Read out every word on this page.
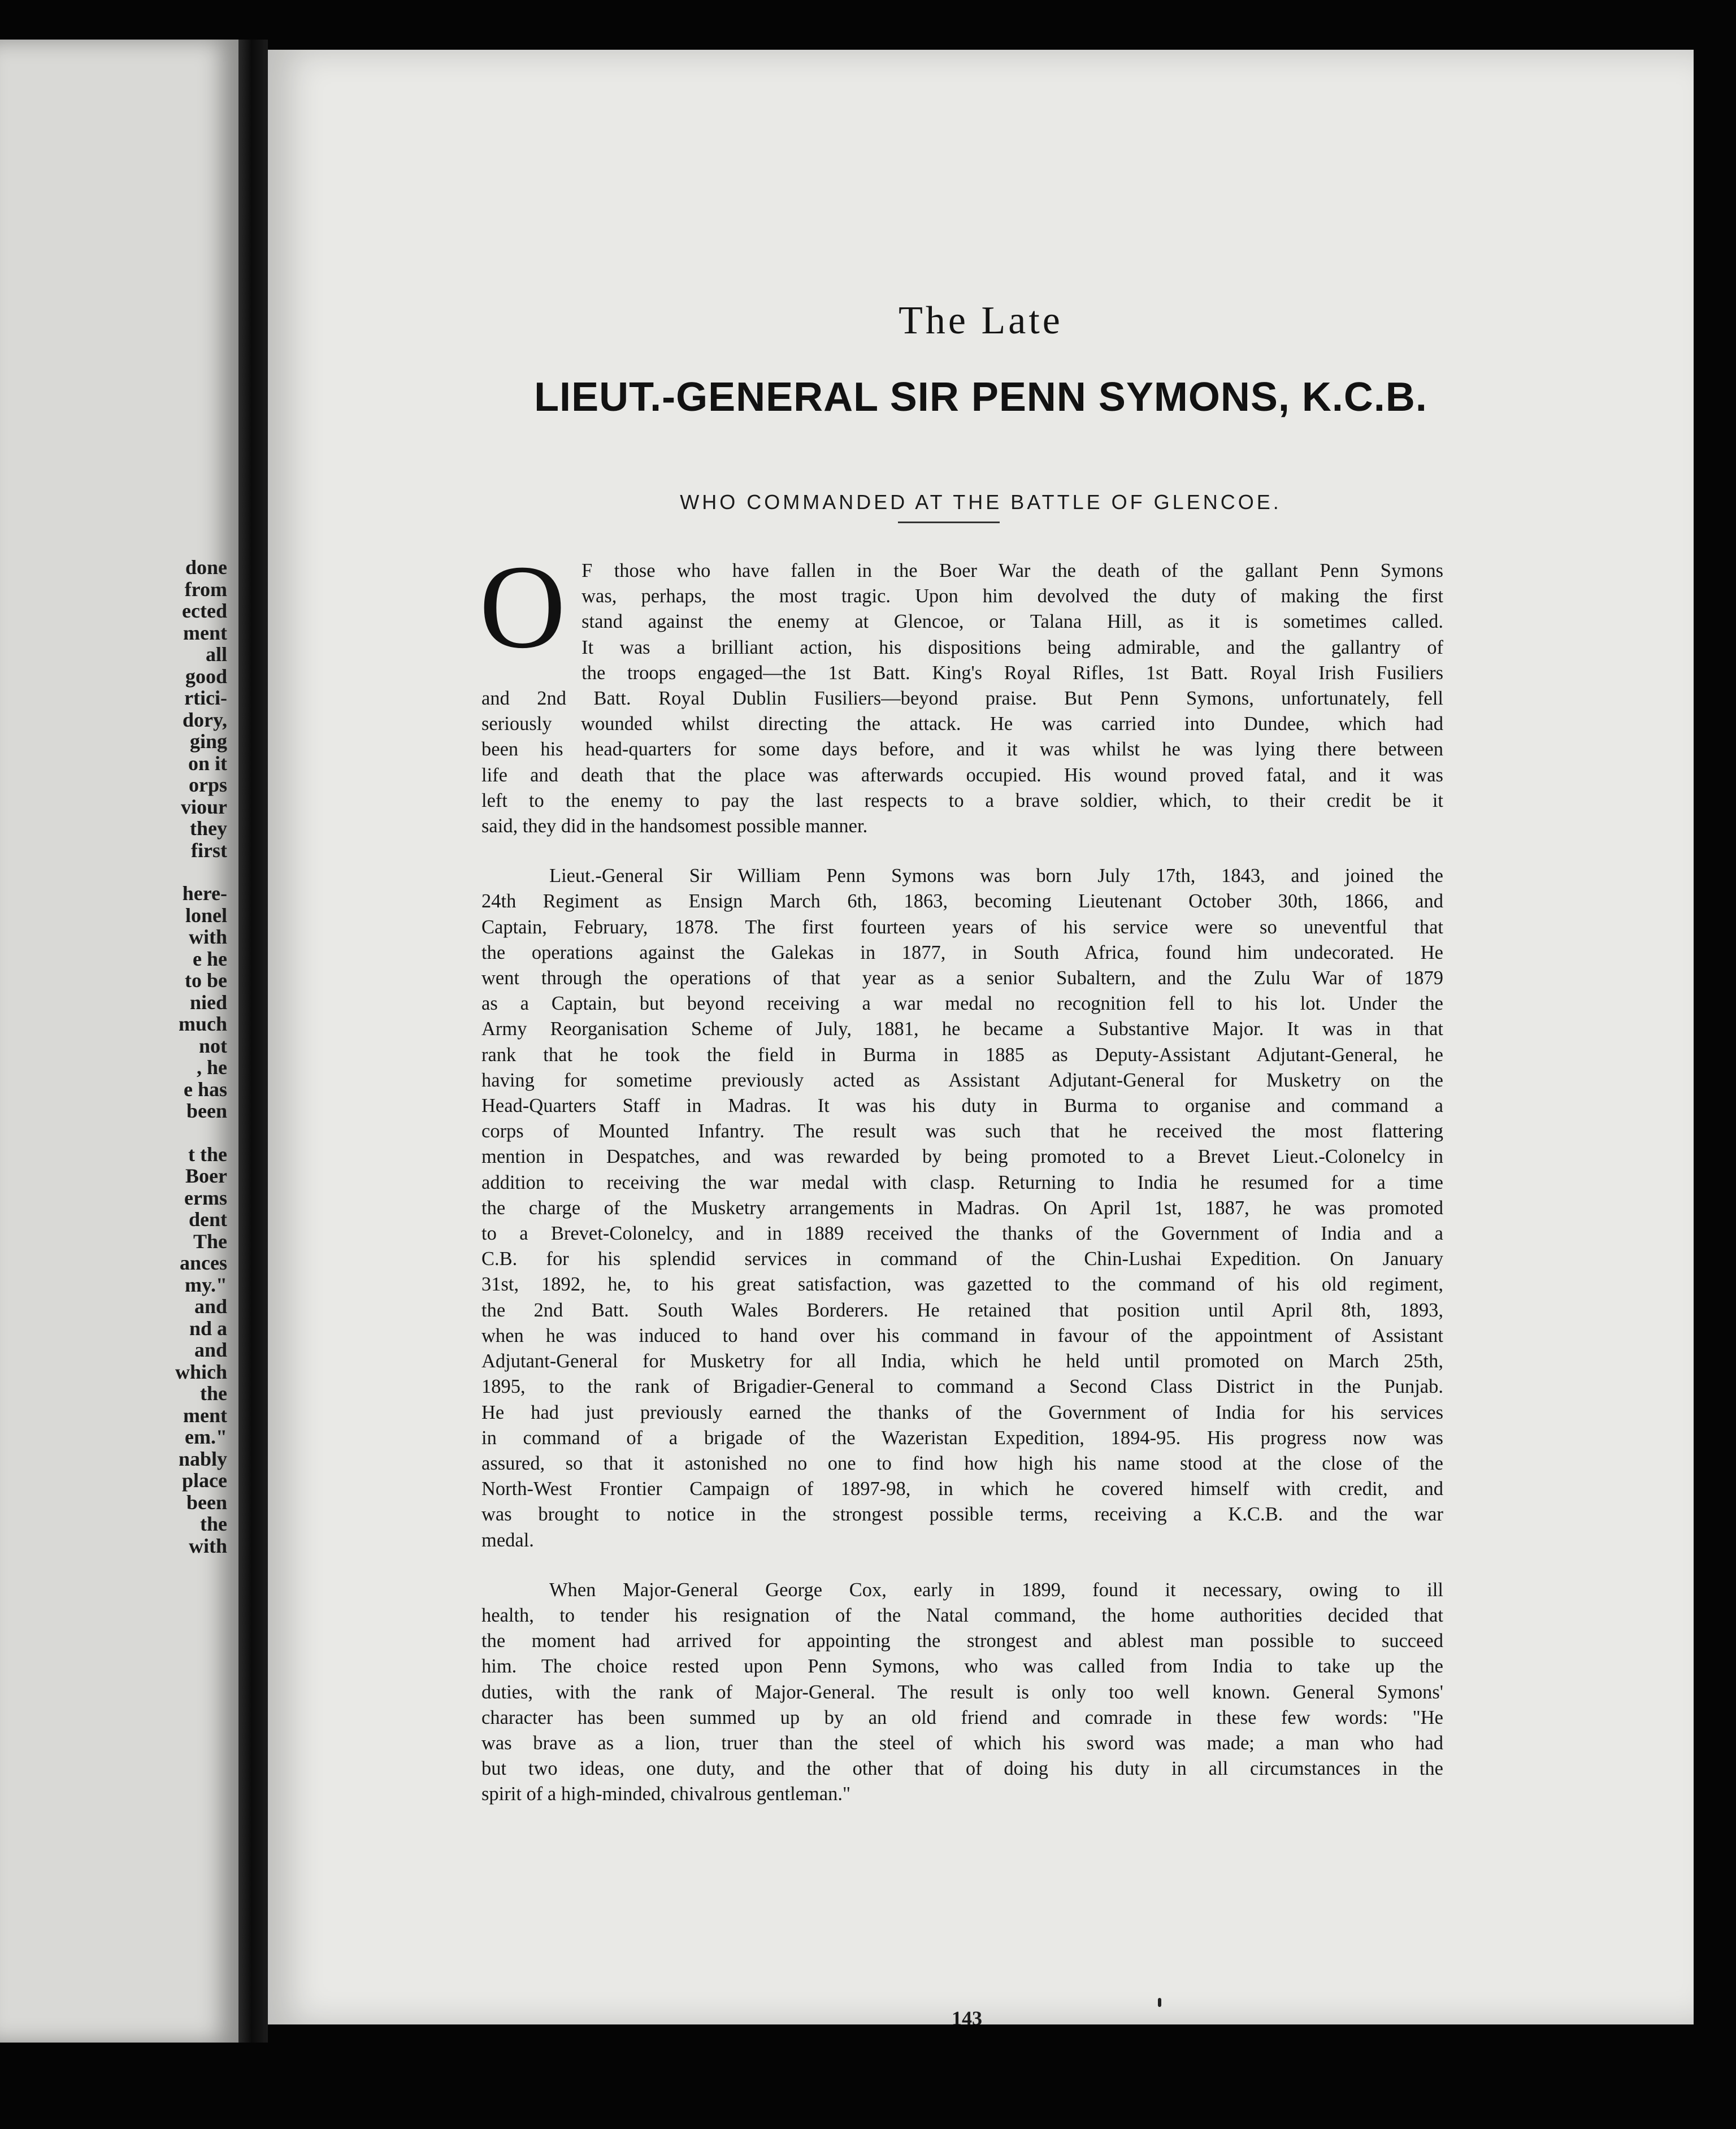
done
from
ected
ment
all
good
rtici-
dory,
ging
on it
orps
viour
they
first
here-
lonel
with
e he
to be
nied
much
not
, he
e has
been
t the
Boer
erms
dent
The
ances
my."
and
nd a
and
which
the
ment
em."
nably
place
been
the
with
The Late
LIEUT.-GENERAL SIR PENN SYMONS, K.C.B.
WHO COMMANDED AT THE BATTLE OF GLENCOE.
O F those who have fallen in the Boer War the death of the gallant Penn Symons
was, perhaps, the most tragic. Upon him devolved the duty of making the first
stand against the enemy at Glencoe, or Talana Hill, as it is sometimes called.
It was a brilliant action, his dispositions being admirable, and the gallantry of
the troops engaged—the 1st Batt. King's Royal Rifles, 1st Batt. Royal Irish Fusiliers
and 2nd Batt. Royal Dublin Fusiliers—beyond praise. But Penn Symons, unfortunately, fell
seriously wounded whilst directing the attack. He was carried into Dundee, which had
been his head-quarters for some days before, and it was whilst he was lying there between
life and death that the place was afterwards occupied. His wound proved fatal, and it was
left to the enemy to pay the last respects to a brave soldier, which, to their credit be it
said, they did in the handsomest possible manner.
Lieut.-General Sir William Penn Symons was born July 17th, 1843, and joined the
24th Regiment as Ensign March 6th, 1863, becoming Lieutenant October 30th, 1866, and
Captain, February, 1878. The first fourteen years of his service were so uneventful that
the operations against the Galekas in 1877, in South Africa, found him undecorated. He
went through the operations of that year as a senior Subaltern, and the Zulu War of 1879
as a Captain, but beyond receiving a war medal no recognition fell to his lot. Under the
Army Reorganisation Scheme of July, 1881, he became a Substantive Major. It was in that
rank that he took the field in Burma in 1885 as Deputy-Assistant Adjutant-General, he
having for sometime previously acted as Assistant Adjutant-General for Musketry on the
Head-Quarters Staff in Madras. It was his duty in Burma to organise and command a
corps of Mounted Infantry. The result was such that he received the most flattering
mention in Despatches, and was rewarded by being promoted to a Brevet Lieut.-Colonelcy in
addition to receiving the war medal with clasp. Returning to India he resumed for a time
the charge of the Musketry arrangements in Madras. On April 1st, 1887, he was promoted
to a Brevet-Colonelcy, and in 1889 received the thanks of the Government of India and a
C.B. for his splendid services in command of the Chin-Lushai Expedition. On January
31st, 1892, he, to his great satisfaction, was gazetted to the command of his old regiment,
the 2nd Batt. South Wales Borderers. He retained that position until April 8th, 1893,
when he was induced to hand over his command in favour of the appointment of Assistant
Adjutant-General for Musketry for all India, which he held until promoted on March 25th,
1895, to the rank of Brigadier-General to command a Second Class District in the Punjab.
He had just previously earned the thanks of the Government of India for his services
in command of a brigade of the Wazeristan Expedition, 1894-95. His progress now was
assured, so that it astonished no one to find how high his name stood at the close of the
North-West Frontier Campaign of 1897-98, in which he covered himself with credit, and
was brought to notice in the strongest possible terms, receiving a K.C.B. and the war
medal.
When Major-General George Cox, early in 1899, found it necessary, owing to ill
health, to tender his resignation of the Natal command, the home authorities decided that
the moment had arrived for appointing the strongest and ablest man possible to succeed
him. The choice rested upon Penn Symons, who was called from India to take up the
duties, with the rank of Major-General. The result is only too well known. General Symons'
character has been summed up by an old friend and comrade in these few words: "He
was brave as a lion, truer than the steel of which his sword was made; a man who had
but two ideas, one duty, and the other that of doing his duty in all circumstances in the
spirit of a high-minded, chivalrous gentleman."
143
